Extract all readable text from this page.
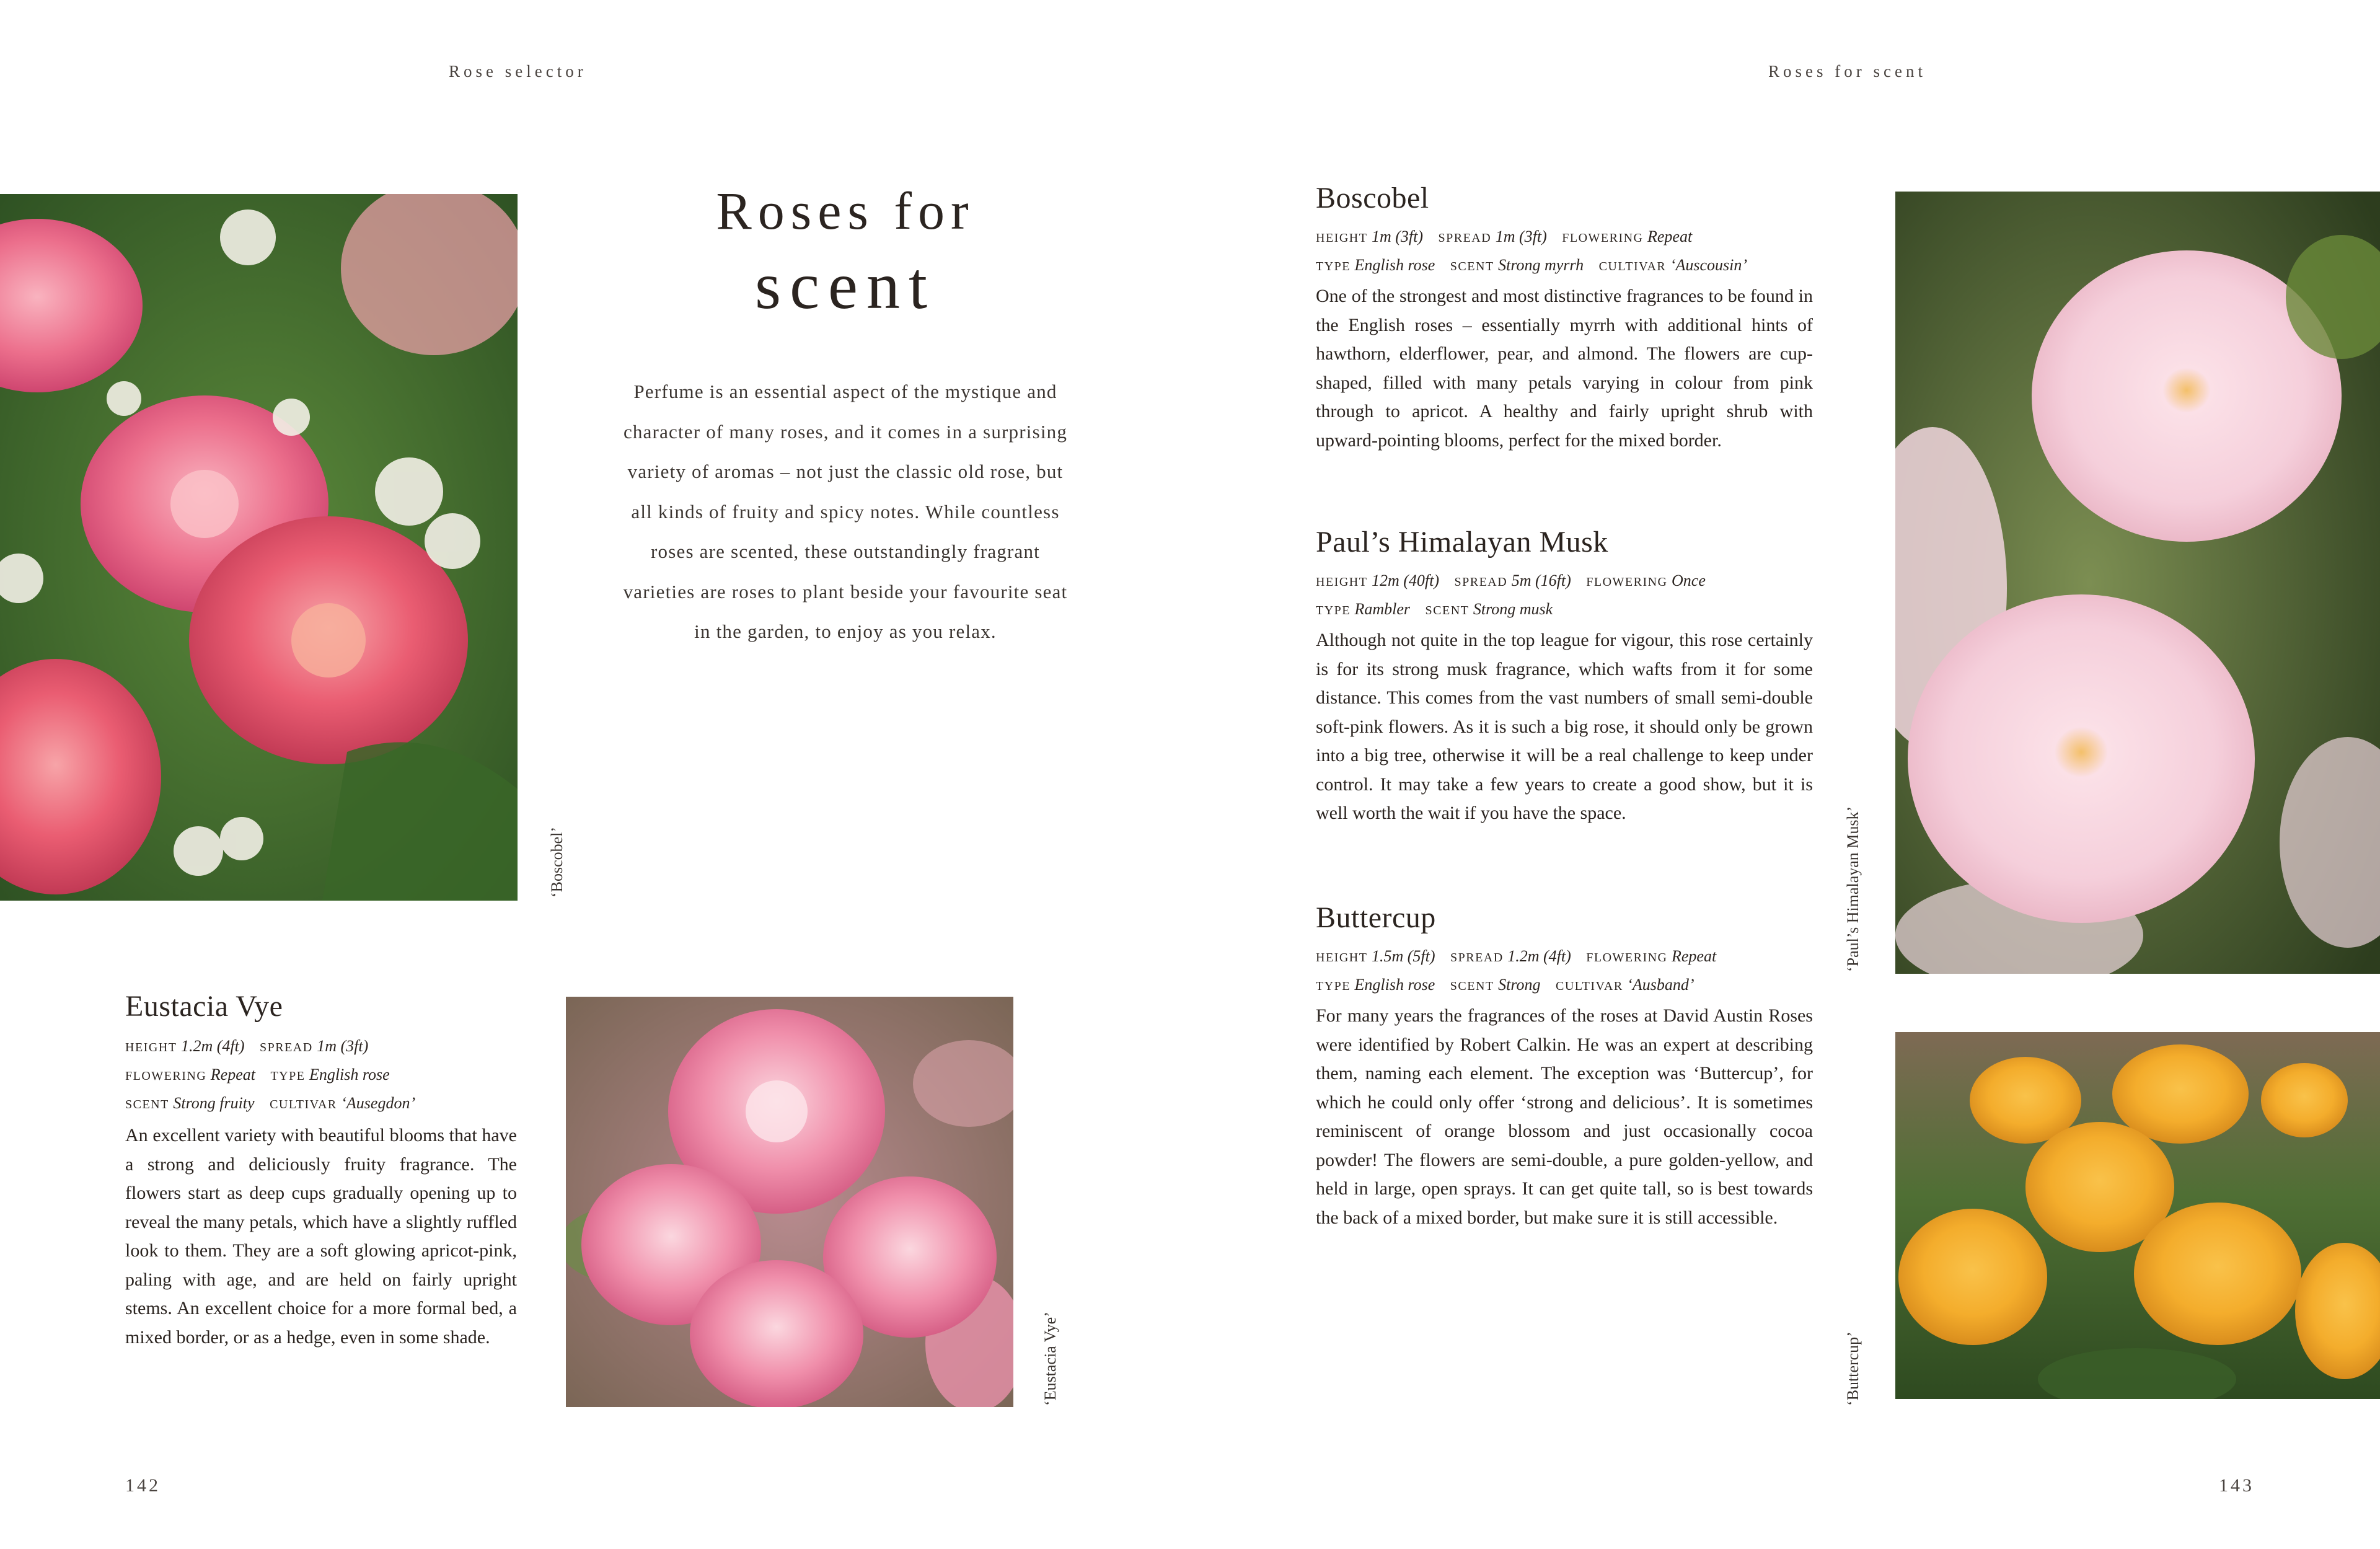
Rose selector	Roses for scent
‘Boscobel’
Roses for
scent
Perfume is an essential aspect of the mystique and character of many roses, and it comes in a surprising variety of aromas – not just the classic old rose, but all kinds of fruity and spicy notes. While countless roses are scented, these outstandingly fragrant varieties are roses to plant beside your favourite seat in the garden, to enjoy as you relax.
Eustacia Vye
height 1.2m (4ft) spread 1m (3ft)
flowering Repeat type English rose
scent Strong fruity cultivar ‘Ausegdon’
An excellent variety with beautiful blooms that have a strong and deliciously fruity fragrance. The flowers start as deep cups gradually opening up to reveal the many petals, which have a slightly ruffled look to them. They are a soft glowing apricot-pink, paling with age, and are held on fairly upright stems. An excellent choice for a more formal bed, a mixed border, or as a hedge, even in some shade.	‘Eustacia Vye’
142
Boscobel
height 1m (3ft) spread 1m (3ft) flowering Repeat
type English rose scent Strong myrrh cultivar ‘Auscousin’
One of the strongest and most distinctive fragrances to be found in the English roses – essentially myrrh with additional hints of hawthorn, elderflower, pear, and almond. The flowers are cup-shaped, filled with many petals varying in colour from pink through to apricot. A healthy and fairly upright shrub with upward-pointing blooms, perfect for the mixed border.
Paul’s Himalayan Musk
height 12m (40ft) spread 5m (16ft) flowering Once
type Rambler scent Strong musk
Although not quite in the top league for vigour, this rose certainly is for its strong musk fragrance, which wafts from it for some distance. This comes from the vast numbers of small semi-double soft-pink flowers. As it is such a big rose, it should only be grown into a big tree, otherwise it will be a real challenge to keep under control. It may take a few years to create a good show, but it is well worth the wait if you have the space.
Buttercup
height 1.5m (5ft) spread 1.2m (4ft) flowering Repeat
type English rose scent Strong cultivar ‘Ausband’
For many years the fragrances of the roses at David Austin Roses were identified by Robert Calkin. He was an expert at describing them, naming each element. The exception was ‘Buttercup’, for which he could only offer ‘strong and delicious’. It is sometimes reminiscent of orange blossom and just occasionally cocoa powder! The flowers are semi-double, a pure golden-yellow, and held in large, open sprays. It can get quite tall, so is best towards the back of a mixed border, but make sure it is still accessible.
‘Paul’s Himalayan Musk’
‘Buttercup’
143
